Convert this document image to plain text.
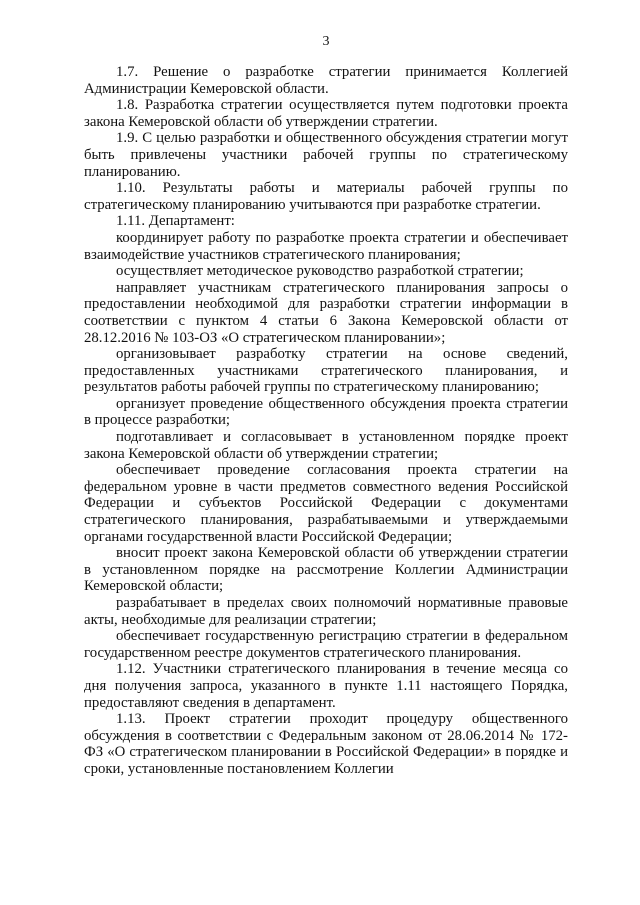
3

1.7. Решение о разработке стратегии принимается Коллегией Администрации Кемеровской области.

1.8. Разработка стратегии осуществляется путем подготовки проекта закона Кемеровской области об утверждении стратегии.

1.9. С целью разработки и общественного обсуждения стратегии могут быть привлечены участники рабочей группы по стратегическому планированию.

1.10. Результаты работы и материалы рабочей группы по стратегическому планированию учитываются при разработке стратегии.

1.11. Департамент:

координирует работу по разработке проекта стратегии и обеспечивает взаимодействие участников стратегического планирования;

осуществляет методическое руководство разработкой стратегии;

направляет участникам стратегического планирования запросы о предоставлении необходимой для разработки стратегии информации в соответствии с пунктом 4 статьи 6 Закона Кемеровской области от 28.12.2016 № 103-ОЗ «О стратегическом планировании»;

организовывает разработку стратегии на основе сведений, предоставленных участниками стратегического планирования, и результатов работы рабочей группы по стратегическому планированию;

организует проведение общественного обсуждения проекта стратегии в процессе разработки;

подготавливает и согласовывает в установленном порядке проект закона Кемеровской области об утверждении стратегии;

обеспечивает проведение согласования проекта стратегии на федеральном уровне в части предметов совместного ведения Российской Федерации и субъектов Российской Федерации с документами стратегического планирования, разрабатываемыми и утверждаемыми органами государственной власти Российской Федерации;

вносит проект закона Кемеровской области об утверждении стратегии в установленном порядке на рассмотрение Коллегии Администрации Кемеровской области;

разрабатывает в пределах своих полномочий нормативные правовые акты, необходимые для реализации стратегии;

обеспечивает государственную регистрацию стратегии в федеральном государственном реестре документов стратегического планирования.

1.12. Участники стратегического планирования в течение месяца со дня получения запроса, указанного в пункте 1.11 настоящего Порядка, предоставляют сведения в департамент.

1.13. Проект стратегии проходит процедуру общественного обсуждения в соответствии с Федеральным законом от 28.06.2014 № 172-ФЗ «О стратегическом планировании в Российской Федерации» в порядке и сроки, установленные постановлением Коллегии
